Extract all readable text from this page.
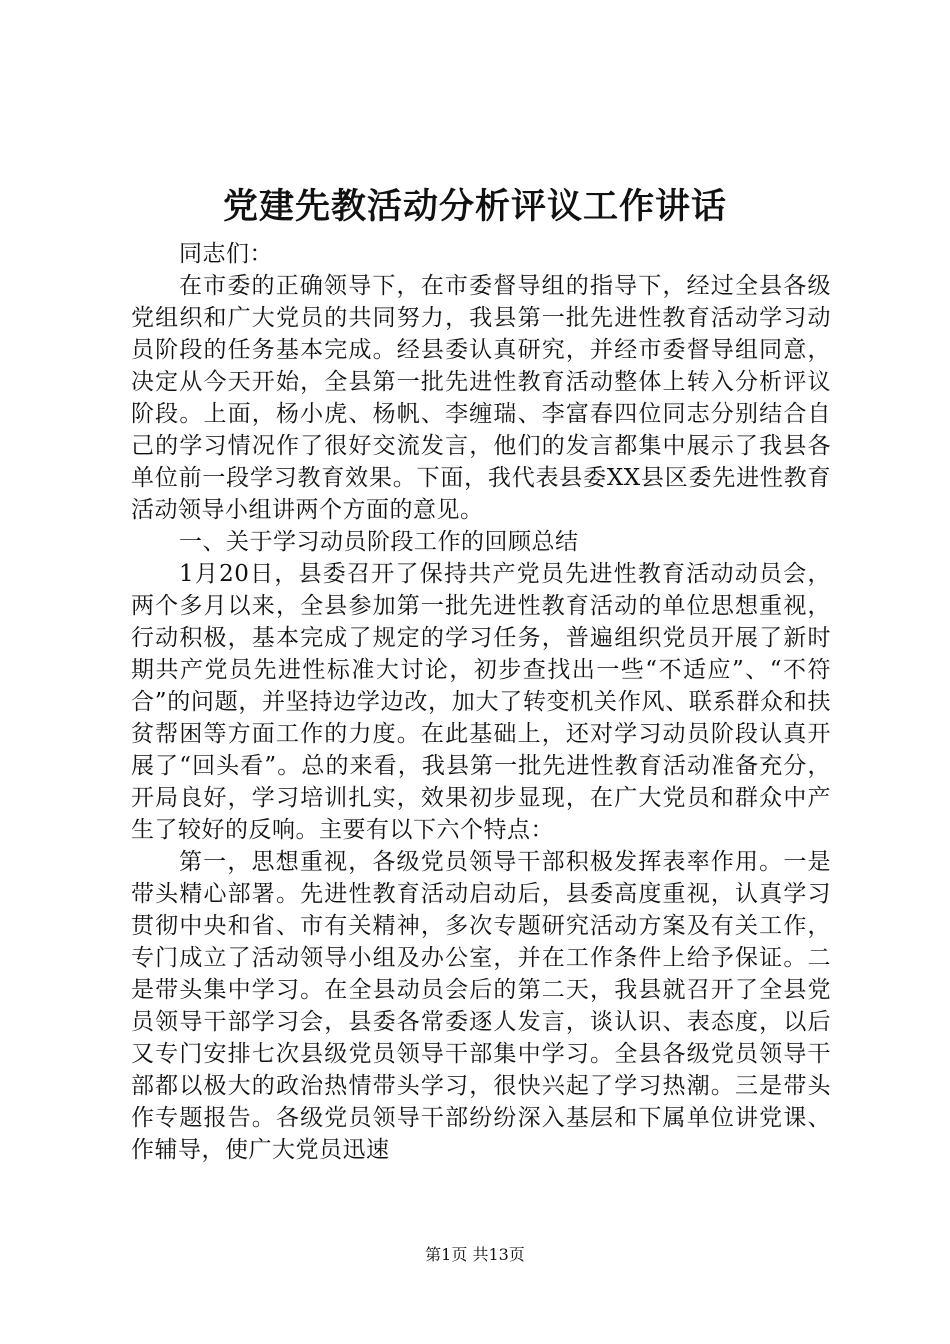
党建先教活动分析评议工作讲话

同志们：

在市委的正确领导下，在市委督导组的指导下，经过全县各级党组织和广大党员的共同努力，我县第一批先进性教育活动学习动员阶段的任务基本完成。经县委认真研究，并经市委督导组同意，决定从今天开始，全县第一批先进性教育活动整体上转入分析评议阶段。上面，杨小虎、杨帆、李缠瑞、李富春四位同志分别结合自己的学习情况作了很好交流发言，他们的发言都集中展示了我县各单位前一段学习教育效果。下面，我代表县委XX县区委先进性教育活动领导小组讲两个方面的意见。

一、关于学习动员阶段工作的回顾总结

1月20日，县委召开了保持共产党员先进性教育活动动员会，两个多月以来，全县参加第一批先进性教育活动的单位思想重视，行动积极，基本完成了规定的学习任务，普遍组织党员开展了新时期共产党员先进性标准大讨论，初步查找出一些“不适应”、“不符合”的问题，并坚持边学边改，加大了转变机关作风、联系群众和扶贫帮困等方面工作的力度。在此基础上，还对学习动员阶段认真开展了“回头看”。总的来看，我县第一批先进性教育活动准备充分，开局良好，学习培训扎实，效果初步显现，在广大党员和群众中产生了较好的反响。主要有以下六个特点：

第一，思想重视，各级党员领导干部积极发挥表率作用。一是带头精心部署。先进性教育活动启动后，县委高度重视，认真学习贯彻中央和省、市有关精神，多次专题研究活动方案及有关工作，专门成立了活动领导小组及办公室，并在工作条件上给予保证。二是带头集中学习。在全县动员会后的第二天，我县就召开了全县党员领导干部学习会，县委各常委逐人发言，谈认识、表态度，以后又专门安排七次县级党员领导干部集中学习。全县各级党员领导干部都以极大的政治热情带头学习，很快兴起了学习热潮。三是带头作专题报告。各级党员领导干部纷纷深入基层和下属单位讲党课、作辅导，使广大党员迅速

第1页 共13页
